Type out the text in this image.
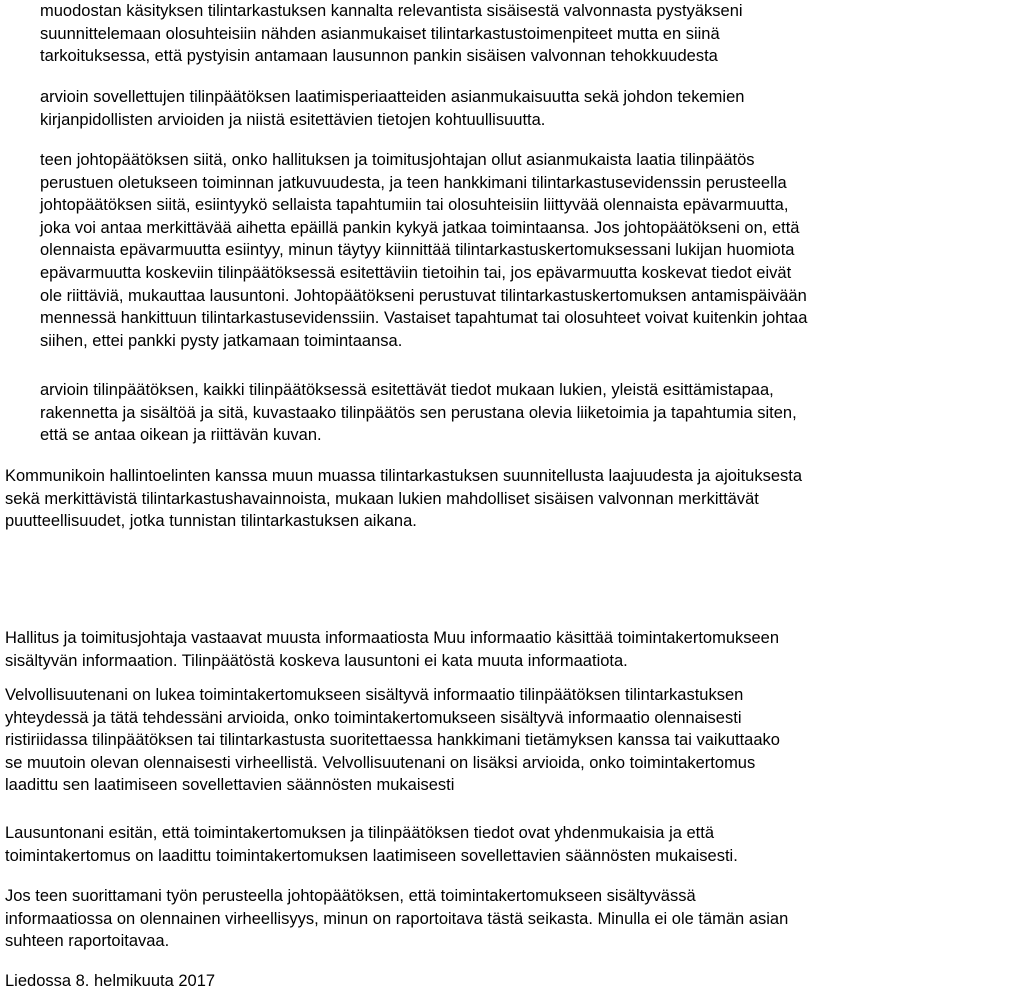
muodostan käsityksen tilintarkastuksen kannalta relevantista sisäisestä valvonnasta pystyäkseni
suunnittelemaan olosuhteisiin nähden asianmukaiset tilintarkastustoimenpiteet mutta en siinä
tarkoituksessa, että pystyisin antamaan lausunnon pankin sisäisen valvonnan tehokkuudesta
arvioin sovellettujen tilinpäätöksen laatimisperiaatteiden asianmukaisuutta sekä johdon tekemien
kirjanpidollisten arvioiden ja niistä esitettävien tietojen kohtuullisuutta.
teen johtopäätöksen siitä, onko hallituksen ja toimitusjohtajan ollut asianmukaista laatia tilinpäätös
perustuen oletukseen toiminnan jatkuvuudesta, ja teen hankkimani tilintarkastusevidenssin perusteella
johtopäätöksen siitä, esiintyykö sellaista tapahtumiin tai olosuhteisiin liittyvää olennaista epävarmuutta,
joka voi antaa merkittävää aihetta epäillä pankin kykyä jatkaa toimintaansa. Jos johtopäätökseni on, että
olennaista epävarmuutta esiintyy, minun täytyy kiinnittää tilintarkastuskertomuksessani lukijan huomiota
epävarmuutta koskeviin tilinpäätöksessä esitettäviin tietoihin tai, jos epävarmuutta koskevat tiedot eivät
ole riittäviä, mukauttaa lausuntoni. Johtopäätökseni perustuvat tilintarkastuskertomuksen antamispäivään
mennessä hankittuun tilintarkastusevidenssiin. Vastaiset tapahtumat tai olosuhteet voivat kuitenkin johtaa
siihen, ettei pankki pysty jatkamaan toimintaansa.
arvioin tilinpäätöksen, kaikki tilinpäätöksessä esitettävät tiedot mukaan lukien, yleistä esittämistapaa,
rakennetta ja sisältöä ja sitä, kuvastaako tilinpäätös sen perustana olevia liiketoimia ja tapahtumia siten,
että se antaa oikean ja riittävän kuvan.
Kommunikoin hallintoelinten kanssa muun muassa tilintarkastuksen suunnitellusta laajuudesta ja ajoituksesta
sekä merkittävistä tilintarkastushavainnoista, mukaan lukien mahdolliset sisäisen valvonnan merkittävät
puutteellisuudet, jotka tunnistan tilintarkastuksen aikana.
Hallitus ja toimitusjohtaja vastaavat muusta informaatiosta Muu informaatio käsittää toimintakertomukseen
sisältyvän informaation. Tilinpäätöstä koskeva lausuntoni ei kata muuta informaatiota.
Velvollisuutenani on lukea toimintakertomukseen sisältyvä informaatio tilinpäätöksen tilintarkastuksen
yhteydessä ja tätä tehdessäni arvioida, onko toimintakertomukseen sisältyvä informaatio olennaisesti
ristiriidassa tilinpäätöksen tai tilintarkastusta suoritettaessa hankkimani tietämyksen kanssa tai vaikuttaako
se muutoin olevan olennaisesti virheellistä. Velvollisuutenani on lisäksi arvioida, onko toimintakertomus
laadittu sen laatimiseen sovellettavien säännösten mukaisesti
Lausuntonani esitän, että toimintakertomuksen ja tilinpäätöksen tiedot ovat yhdenmukaisia ja että
toimintakertomus on laadittu toimintakertomuksen laatimiseen sovellettavien säännösten mukaisesti.
Jos teen suorittamani työn perusteella johtopäätöksen, että toimintakertomukseen sisältyvässä
informaatiossa on olennainen virheellisyys, minun on raportoitava tästä seikasta. Minulla ei ole tämän asian
suhteen raportoitavaa.
Liedossa 8. helmikuuta 2017
